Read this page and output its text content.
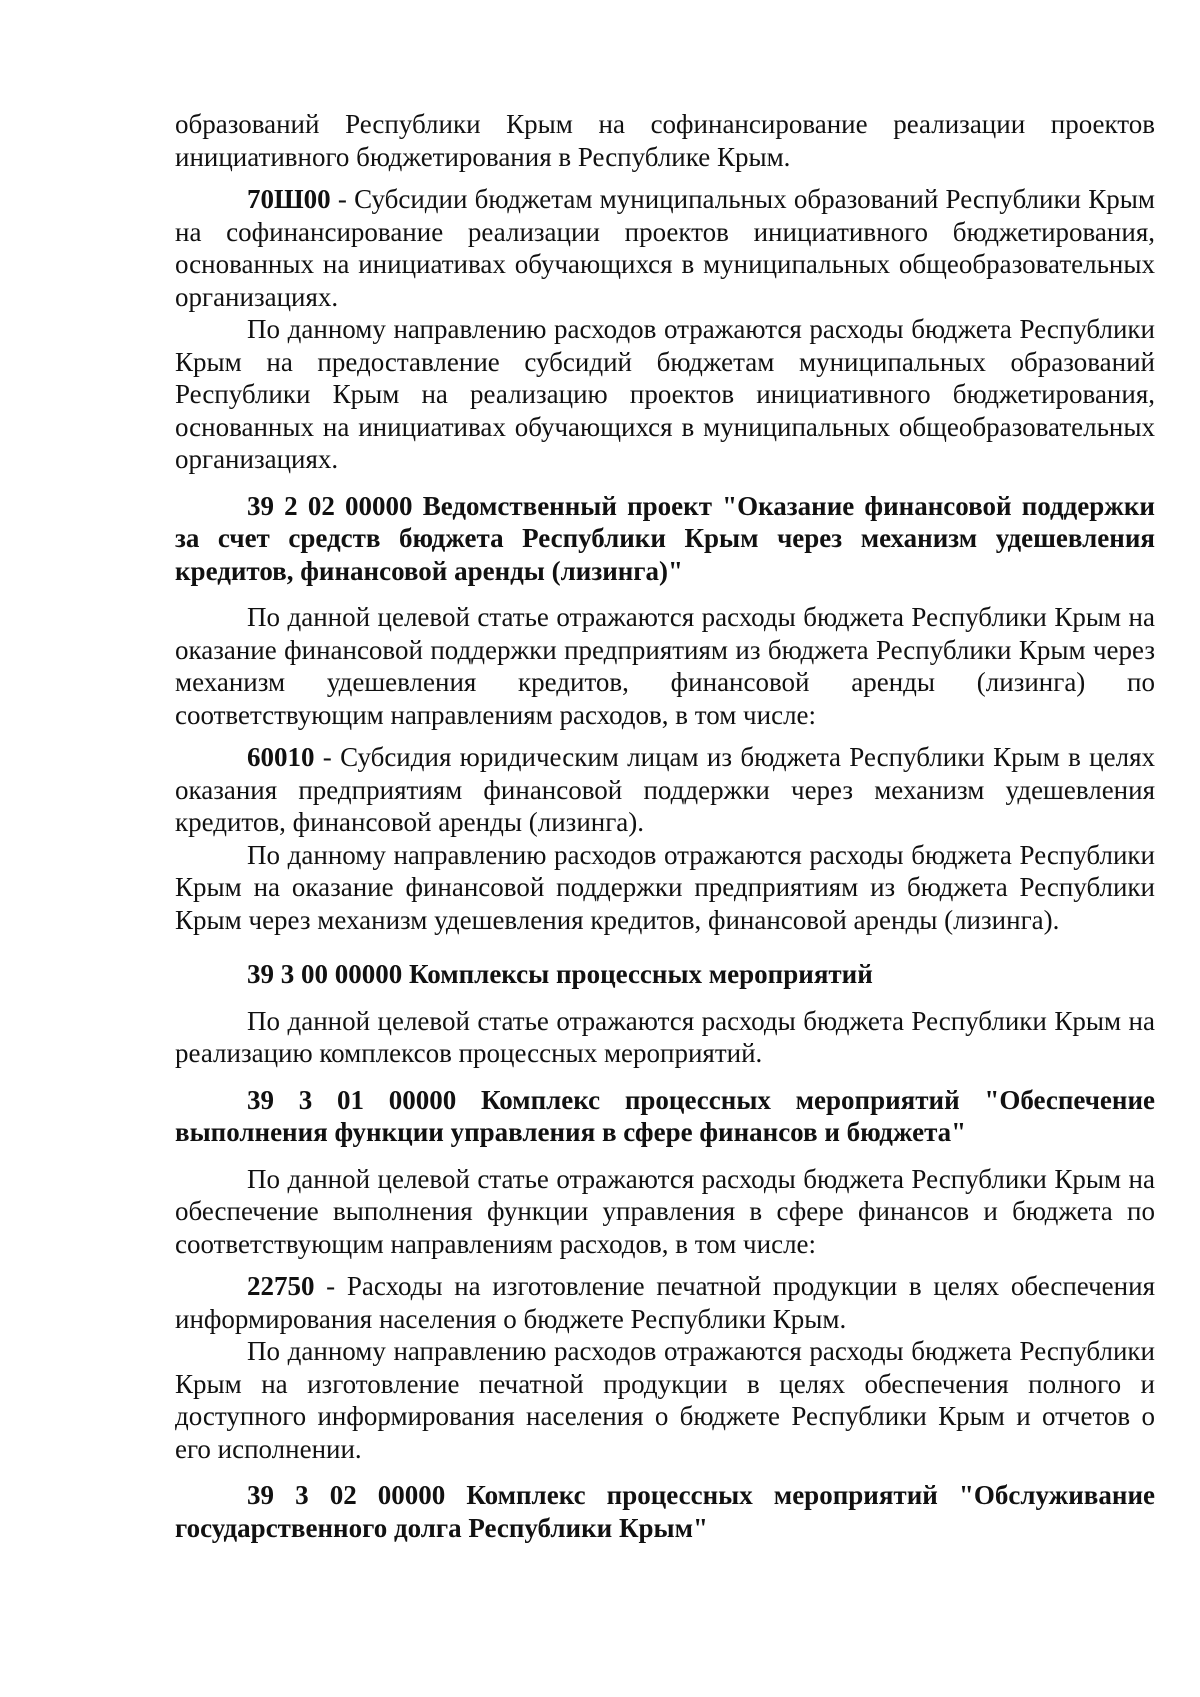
образований Республики Крым на софинансирование реализации проектов инициативного бюджетирования в Республике Крым.

70Ш00 - Субсидии бюджетам муниципальных образований Республики Крым на софинансирование реализации проектов инициативного бюджетирования, основанных на инициативах обучающихся в муниципальных общеобразовательных организациях.

По данному направлению расходов отражаются расходы бюджета Республики Крым на предоставление субсидий бюджетам муниципальных образований Республики Крым на реализацию проектов инициативного бюджетирования, основанных на инициативах обучающихся в муниципальных общеобразовательных организациях.

39 2 02 00000 Ведомственный проект "Оказание финансовой поддержки за счет средств бюджета Республики Крым через механизм удешевления кредитов, финансовой аренды (лизинга)"

По данной целевой статье отражаются расходы бюджета Республики Крым на оказание финансовой поддержки предприятиям из бюджета Республики Крым через механизм удешевления кредитов, финансовой аренды (лизинга) по соответствующим направлениям расходов, в том числе:

60010 - Субсидия юридическим лицам из бюджета Республики Крым в целях оказания предприятиям финансовой поддержки через механизм удешевления кредитов, финансовой аренды (лизинга).

По данному направлению расходов отражаются расходы бюджета Республики Крым на оказание финансовой поддержки предприятиям из бюджета Республики Крым через механизм удешевления кредитов, финансовой аренды (лизинга).

39 3 00 00000 Комплексы процессных мероприятий

По данной целевой статье отражаются расходы бюджета Республики Крым на реализацию комплексов процессных мероприятий.

39 3 01 00000 Комплекс процессных мероприятий "Обеспечение выполнения функции управления в сфере финансов и бюджета"

По данной целевой статье отражаются расходы бюджета Республики Крым на обеспечение выполнения функции управления в сфере финансов и бюджета по соответствующим направлениям расходов, в том числе:

22750 - Расходы на изготовление печатной продукции в целях обеспечения информирования населения о бюджете Республики Крым.

По данному направлению расходов отражаются расходы бюджета Республики Крым на изготовление печатной продукции в целях обеспечения полного и доступного информирования населения о бюджете Республики Крым и отчетов о его исполнении.

39 3 02 00000 Комплекс процессных мероприятий "Обслуживание государственного долга Республики Крым"
